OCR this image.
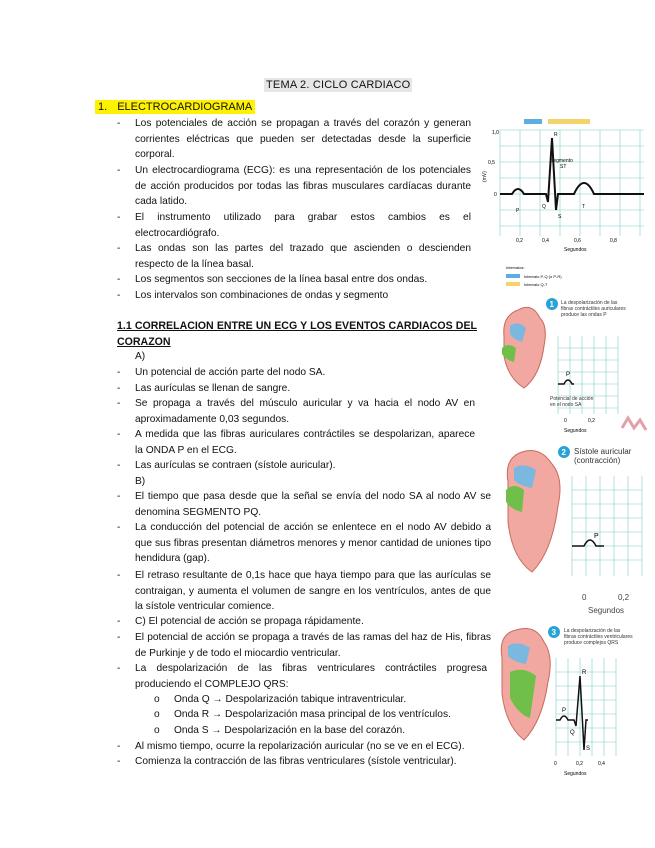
TEMA 2. CICLO CARDIACO
1. ELECTROCARDIOGRAMA
- Los potenciales de acción se propagan a través del corazón y generan corrientes eléctricas que pueden ser detectadas desde la superficie corporal.
- Un electrocardiograma (ECG): es una representación de los potenciales de acción producidos por todas las fibras musculares cardíacas durante cada latido.
- El instrumento utilizado para grabar estos cambios es el electrocardiógrafo.
- Las ondas son las partes del trazado que ascienden o descienden respecto de la línea basal.
- Los segmentos son secciones de la línea basal entre dos ondas.
- Los intervalos son combinaciones de ondas y segmento
1.1 CORRELACION ENTRE UN ECG Y LOS EVENTOS CARDIACOS DEL CORAZON
A)
- Un potencial de acción parte del nodo SA.
- Las aurículas se llenan de sangre.
- Se propaga a través del músculo auricular y va hacia el nodo AV en aproximadamente 0,03 segundos.
- A medida que las fibras auriculares contráctiles se despolarizan, aparece la ONDA P en el ECG.
- Las aurículas se contraen (sístole auricular).
B)
- El tiempo que pasa desde que la señal se envía del nodo SA al nodo AV se denomina SEGMENTO PQ.
- La conducción del potencial de acción se enlentece en el nodo AV debido a que sus fibras presentan diámetros menores y menor cantidad de uniones tipo hendidura (gap).
- El retraso resultante de 0,1s hace que haya tiempo para que las aurículas se contraigan, y aumenta el volumen de sangre en los ventrículos, antes de que la sístole ventricular comience.
- C) El potencial de acción se propaga rápidamente.
- El potencial de acción se propaga a través de las ramas del haz de His, fibras de Purkinje y de todo el miocardio ventricular.
- La despolarización de las fibras ventriculares contráctiles progresa produciendo el COMPLEJO QRS:
o Onda Q → Despolarización tabique intraventricular.
o Onda R → Despolarización masa principal de los ventrículos.
o Onda S → Despolarización en la base del corazón.
- Al mismo tiempo, ocurre la repolarización auricular (no se ve en el ECG).
- Comienza la contracción de las fibras ventriculares (sístole ventricular).
(mV)
0,5
1,0
0
Segmento
ST
R
P
Q
S
T
0,2	0,4	0,6	0,8
Segundos
Intervalos:
Intervalo P-Q (o P-R)
Intervalo Q-T
1 La despolarización de las fibras contráctiles auriculares produce las ondas P
P
Potencial de acción en el nodo SA
0	0,2
Segundos
2 Sístole auricular (contracción)
P
0	0,2
Segundos
3 La despolarización de las fibras contráctiles ventriculares produce complejos QRS
P
R
Q
S
0	0,2	0,4
Segundos
